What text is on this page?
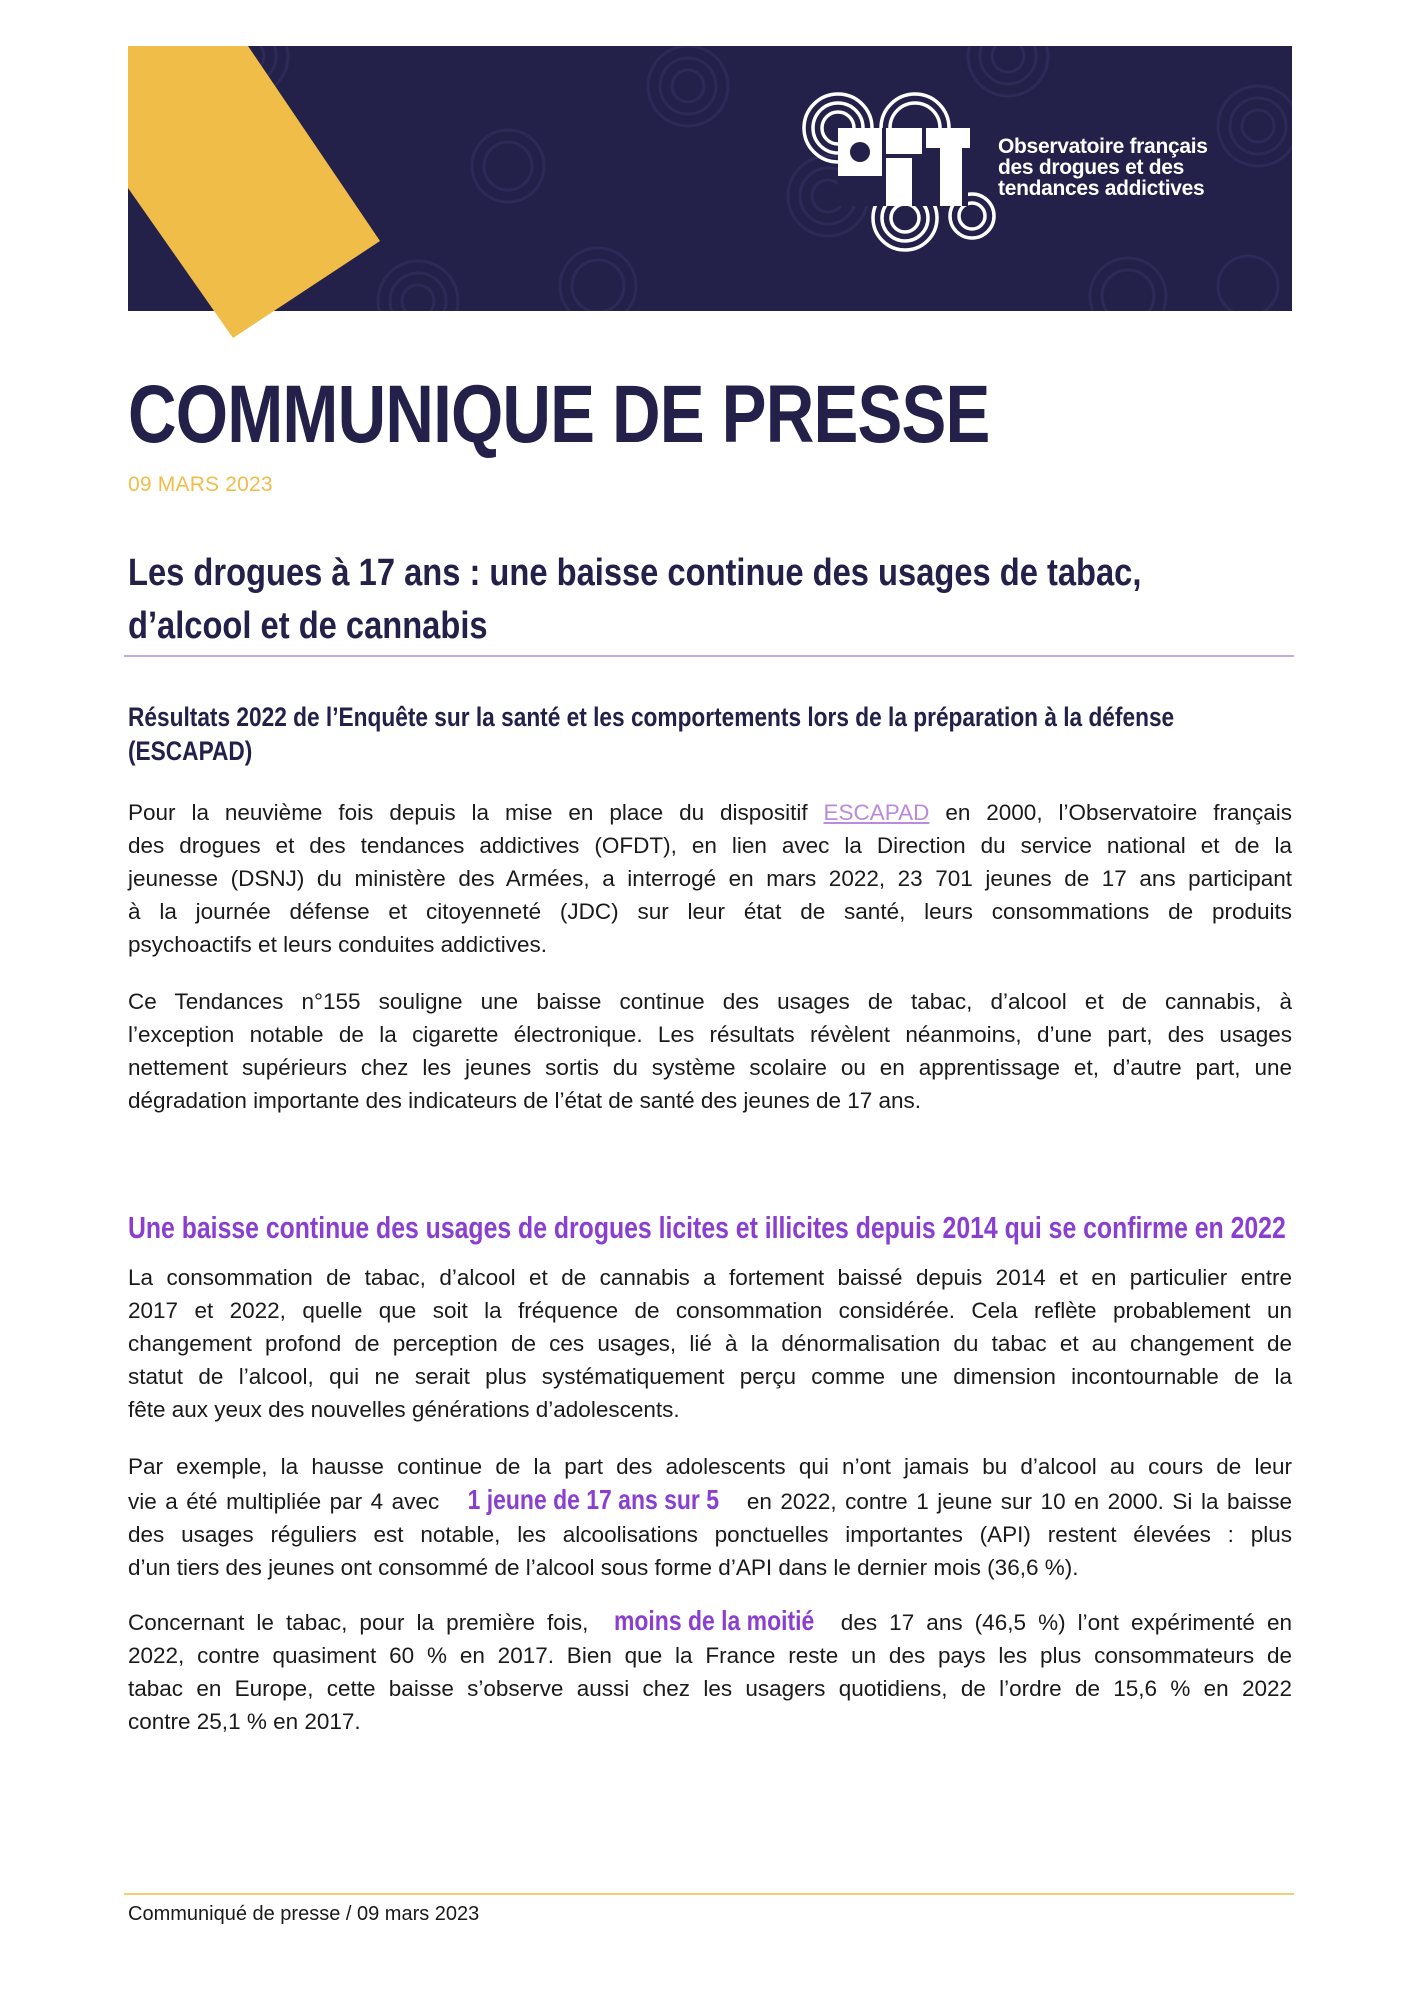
Observatoire français
des drogues et des
tendances addictives
COMMUNIQUE DE PRESSE
09 MARS 2023
Les drogues à 17 ans : une baisse continue des usages de tabac,
d’alcool et de cannabis
Résultats 2022 de l’Enquête sur la santé et les comportements lors de la préparation à la défense
(ESCAPAD)
Pour la neuvième fois depuis la mise en place du dispositif ESCAPAD en 2000, l’Observatoire français
des drogues et des tendances addictives (OFDT), en lien avec la Direction du service national et de la
jeunesse (DSNJ) du ministère des Armées, a interrogé en mars 2022, 23 701 jeunes de 17 ans participant
à la journée défense et citoyenneté (JDC) sur leur état de santé, leurs consommations de produits
psychoactifs et leurs conduites addictives.
Ce Tendances n°155 souligne une baisse continue des usages de tabac, d’alcool et de cannabis, à
l’exception notable de la cigarette électronique. Les résultats révèlent néanmoins, d’une part, des usages
nettement supérieurs chez les jeunes sortis du système scolaire ou en apprentissage et, d’autre part, une
dégradation importante des indicateurs de l’état de santé des jeunes de 17 ans.
Une baisse continue des usages de drogues licites et illicites depuis 2014 qui se confirme en 2022
La consommation de tabac, d’alcool et de cannabis a fortement baissé depuis 2014 et en particulier entre
2017 et 2022, quelle que soit la fréquence de consommation considérée. Cela reflète probablement un
changement profond de perception de ces usages, lié à la dénormalisation du tabac et au changement de
statut de l’alcool, qui ne serait plus systématiquement perçu comme une dimension incontournable de la
fête aux yeux des nouvelles générations d’adolescents.
Par exemple, la hausse continue de la part des adolescents qui n’ont jamais bu d’alcool au cours de leur
vie a été multipliée par 4 avec 1 jeune de 17 ans sur 5 en 2022, contre 1 jeune sur 10 en 2000. Si la baisse
des usages réguliers est notable, les alcoolisations ponctuelles importantes (API) restent élevées : plus
d’un tiers des jeunes ont consommé de l’alcool sous forme d’API dans le dernier mois (36,6 %).
Concernant le tabac, pour la première fois, moins de la moitié des 17 ans (46,5 %) l’ont expérimenté en
2022, contre quasiment 60 % en 2017. Bien que la France reste un des pays les plus consommateurs de
tabac en Europe, cette baisse s’observe aussi chez les usagers quotidiens, de l’ordre de 15,6 % en 2022
contre 25,1 % en 2017.
Communiqué de presse / 09 mars 2023
